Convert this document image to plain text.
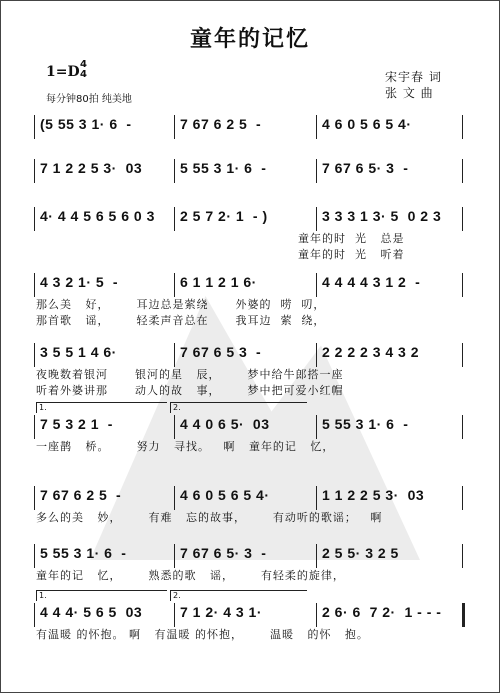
童年的记忆
1=D 4
4
每分钟80拍 纯美地
宋宇春 词
张 文 曲
(5 55 3 1· 6  -	7 67 6 2 5  -	4 6 0 5 6 5 4·
7 1 2 2 5 3·  03	5 55 3 1· 6  -	7 67 6 5· 3  -
4· 4 4 5 6 5 6 0 3 2 5 7 2· 1  - )	3 3 3 1 3· 5  0 2 3
童年的时  光   总是
童年的时  光   听着
4 3 2 1· 5  -	6 1 1 2 1 6·	4 4 4 4 3 1 2  -
那么美   好，      耳边总是萦绕      外婆的  唠  叨，
那首歌   谣，      轻柔声音总在      我耳边  萦  绕，
3 5 5 1 4 6·	7 67 6 5 3  -	2 2 2 2 3 4 3 2
夜晚数着银河      银河的星   辰，      梦中给牛郎搭一座
听着外婆讲那      动人的故   事，      梦中把可爱小红帽
7 5 3 2 1  -	4 4 0 6 5·  03	5 55 3 1· 6  -
一座鹊   桥。      努力   寻找。   啊   童年的记   忆，
1.	2.
7 67 6 2 5  -	4 6 0 5 6 5 4·	1 1 2 2 5 3·  03
多么的美   妙，      有难   忘的故事，      有动听的歌谣；   啊
5 55 3 1· 6  -	7 67 6 5· 3  -	2 5 5· 3 2 5
童年的记   忆，      熟悉的歌   谣，      有轻柔的旋律，
4 4 4· 5 6 5  03	7 1 2· 4 3 1·	2 6· 6  7 2·  1 - - -
有温暖 的怀抱。 啊   有温暖 的怀抱，      温暖   的怀   抱。
1.	2.
